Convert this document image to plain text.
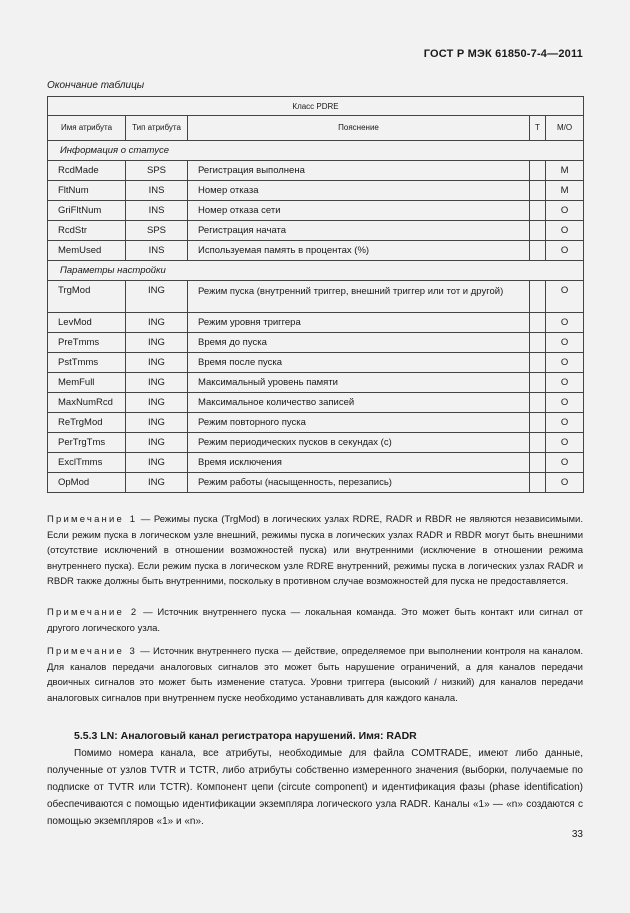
ГОСТ Р МЭК 61850-7-4—2011
Окончание таблицы
Класс PDRE				
Имя атрибута	Тип атрибута	Пояснение	T	M/O
Информация о статусе				
RcdMade	SPS	Регистрация выполнена		M
FltNum	INS	Номер отказа		M
GriFltNum	INS	Номер отказа сети		O
RcdStr	SPS	Регистрация начата		O
MemUsed	INS	Используемая память в процентах (%)		O
Параметры настройки				
TrgMod	ING	Режим пуска (внутренний триггер, внешний триггер или тот и другой)		O
LevMod	ING	Режим уровня триггера		O
PreTmms	ING	Время до пуска		O
PstTmms	ING	Время после пуска		O
MemFull	ING	Максимальный уровень памяти		O
MaxNumRcd	ING	Максимальное количество записей		O
ReTrgMod	ING	Режим повторного пуска		O
PerTrgTms	ING	Режим периодических пусков в секундах (с)		O
ExclTmms	ING	Время исключения		O
OpMod	ING	Режим работы (насыщенность, перезапись)		O
Примечание 1 — Режимы пуска (TrgMod) в логических узлах RDRE, RADR и RBDR не являются независимыми. Если режим пуска в логическом узле внешний, режимы пуска в логических узлах RADR и RBDR могут быть внешними (отсутствие исключений в отношении возможностей пуска) или внутренними (исключение в отношении режима внутреннего пуска). Если режим пуска в логическом узле RDRE внутренний, режимы пуска в логических узлах RADR и RBDR также должны быть внутренними, поскольку в противном случае возможностей для пуска не предоставляется.
Примечание 2 — Источник внутреннего пуска — локальная команда. Это может быть контакт или сигнал от другого логического узла.
Примечание 3 — Источник внутреннего пуска — действие, определяемое при выполнении контроля на каналом. Для каналов передачи аналоговых сигналов это может быть нарушение ограничений, а для каналов передачи двоичных сигналов это может быть изменение статуса. Уровни триггера (высокий / низкий) для каналов передачи аналоговых сигналов при внутреннем пуске необходимо устанавливать для каждого канала.
5.5.3 LN: Аналоговый канал регистратора нарушений. Имя: RADR
Помимо номера канала, все атрибуты, необходимые для файла COMTRADE, имеют либо данные, полученные от узлов TVTR и TCTR, либо атрибуты собственно измеренного значения (выборки, получаемые по подписке от TVTR или TCTR). Компонент цепи (circute component) и идентификация фазы (phase identification) обеспечиваются с помощью идентификации экземпляра логического узла RADR. Каналы «1» — «n» создаются с помощью экземпляров «1» и «n».
33
